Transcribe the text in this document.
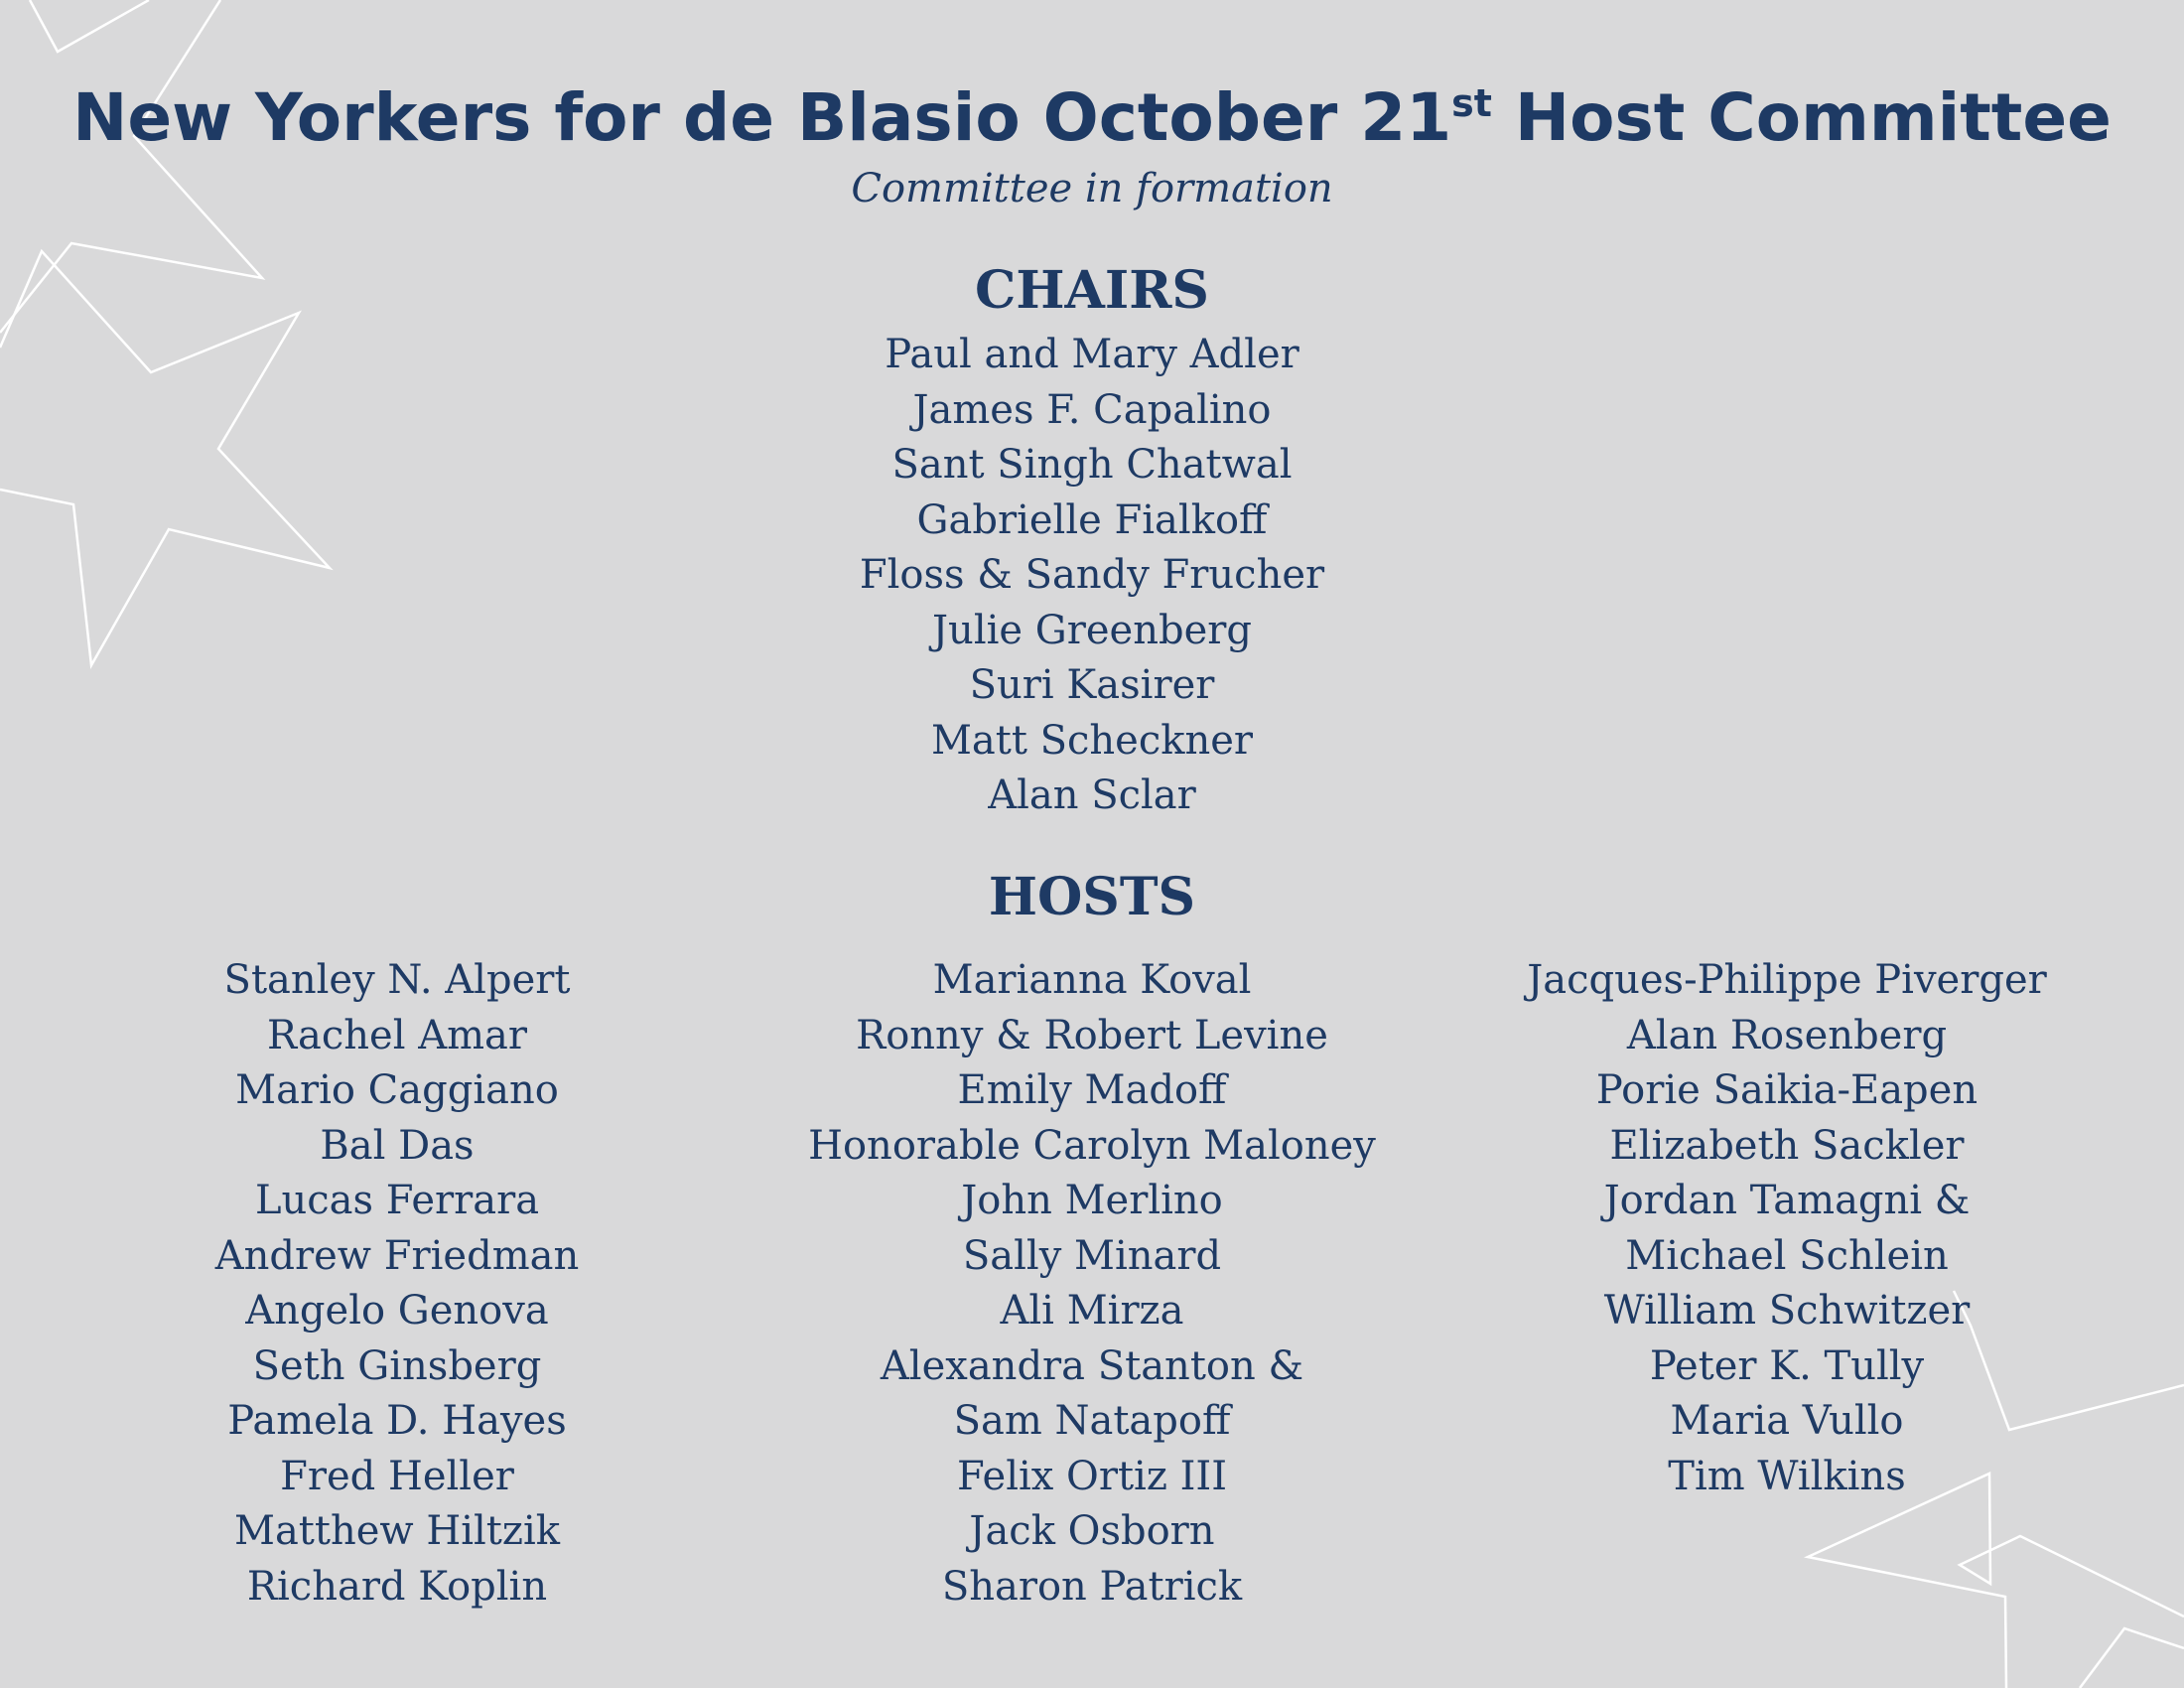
New Yorkers for de Blasio October 21st Host Committee
Committee in formation
CHAIRS
Paul and Mary Adler
James F. Capalino
Sant Singh Chatwal
Gabrielle Fialkoff
Floss & Sandy Frucher
Julie Greenberg
Suri Kasirer
Matt Scheckner
Alan Sclar
HOSTS
Stanley N. Alpert
Rachel Amar
Mario Caggiano
Bal Das
Lucas Ferrara
Andrew Friedman
Angelo Genova
Seth Ginsberg
Pamela D. Hayes
Fred Heller
Matthew Hiltzik
Richard Koplin
Marianna Koval
Ronny & Robert Levine
Emily Madoff
Honorable Carolyn Maloney
John Merlino
Sally Minard
Ali Mirza
Alexandra Stanton &
Sam Natapoff
Felix Ortiz III
Jack Osborn
Sharon Patrick
Jacques-Philippe Piverger
Alan Rosenberg
Porie Saikia-Eapen
Elizabeth Sackler
Jordan Tamagni &
Michael Schlein
William Schwitzer
Peter K. Tully
Maria Vullo
Tim Wilkins
